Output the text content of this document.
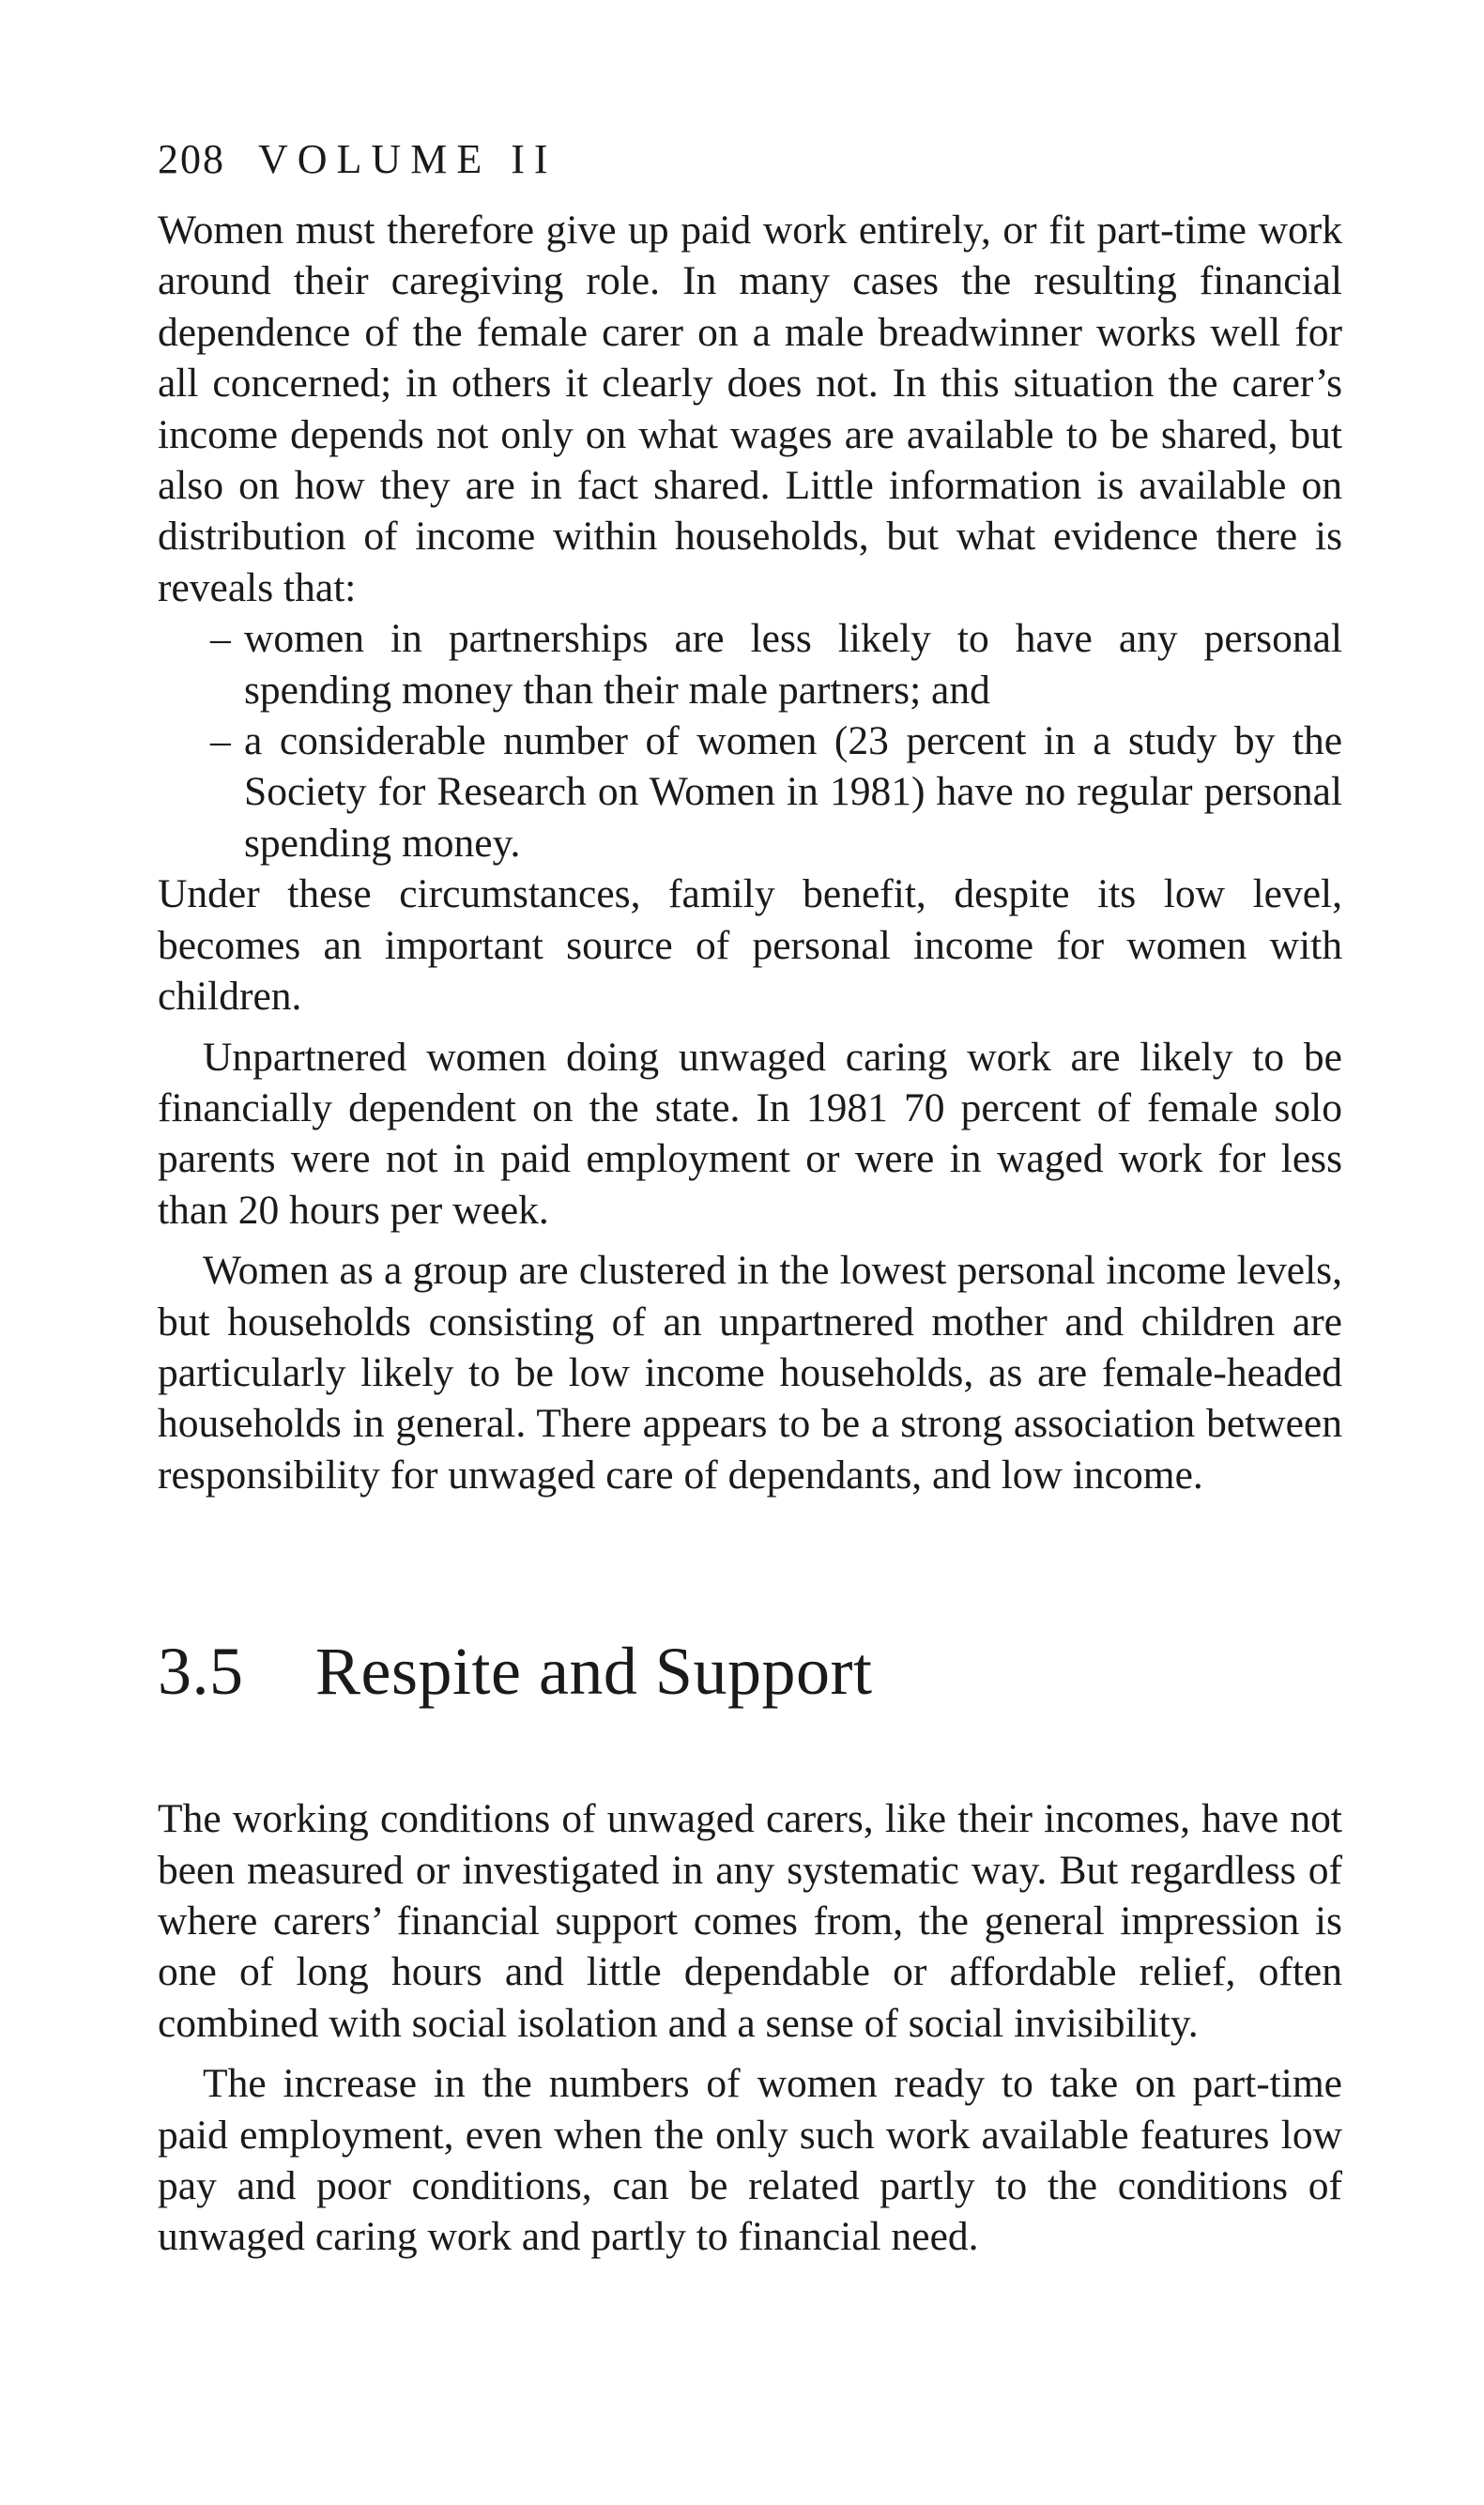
208 VOLUME II

Women must therefore give up paid work entirely, or fit part-time work around their caregiving role. In many cases the resulting financial dependence of the female carer on a male breadwinner works well for all concerned; in others it clearly does not. In this situation the carer’s income depends not only on what wages are available to be shared, but also on how they are in fact shared. Little information is available on distribution of income within households, but what evidence there is reveals that:

– women in partnerships are less likely to have any personal spending money than their male partners; and
– a considerable number of women (23 percent in a study by the Society for Research on Women in 1981) have no regular personal spending money.

Under these circumstances, family benefit, despite its low level, becomes an important source of personal income for women with children.

Unpartnered women doing unwaged caring work are likely to be financially dependent on the state. In 1981 70 percent of female solo parents were not in paid employment or were in waged work for less than 20 hours per week.

Women as a group are clustered in the lowest personal income levels, but households consisting of an unpartnered mother and children are particularly likely to be low income households, as are female-headed households in general. There appears to be a strong association between responsibility for unwaged care of dependants, and low income.

3.5 Respite and Support

The working conditions of unwaged carers, like their incomes, have not been measured or investigated in any systematic way. But regardless of where carers’ financial support comes from, the general impression is one of long hours and little dependable or affordable relief, often combined with social isolation and a sense of social invisibility.

The increase in the numbers of women ready to take on part-time paid employment, even when the only such work available features low pay and poor conditions, can be related partly to the conditions of unwaged caring work and partly to financial need.
